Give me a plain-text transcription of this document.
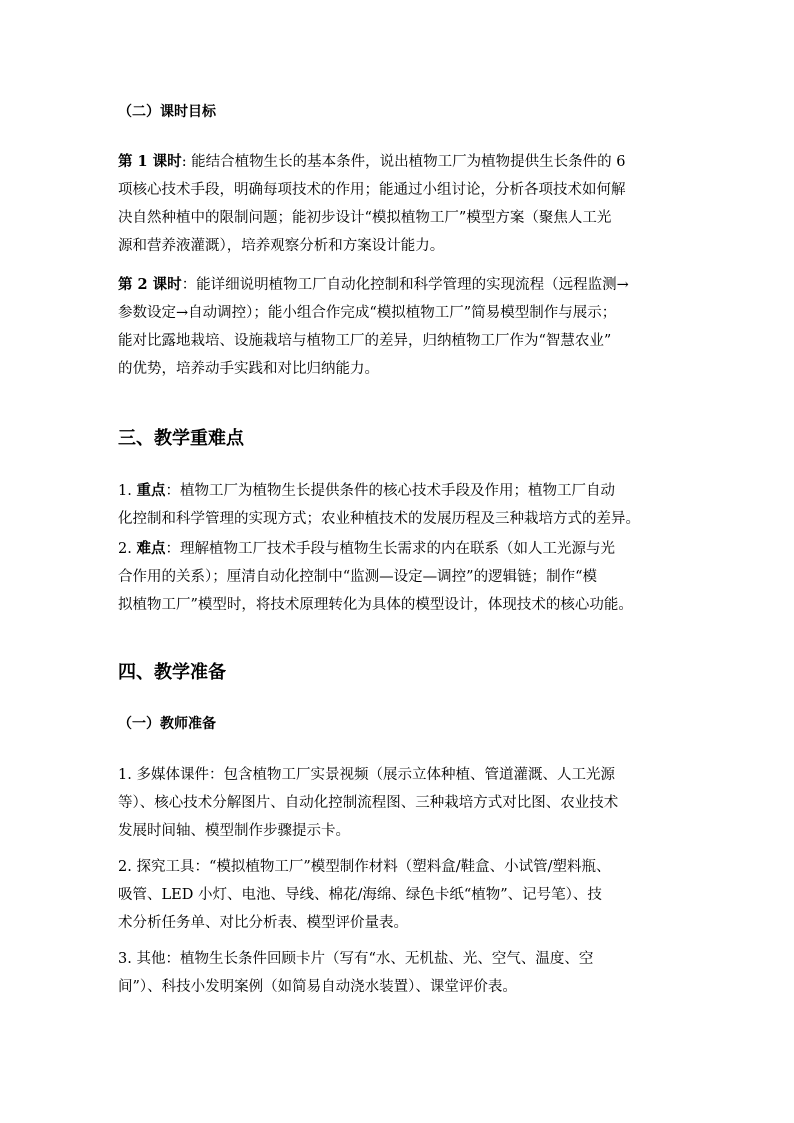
（二）课时目标
第 1 课时: 能结合植物生长的基本条件，说出植物工厂为植物提供生长条件的 6
项核心技术手段，明确每项技术的作用；能通过小组讨论，分析各项技术如何解
决自然种植中的限制问题；能初步设计“模拟植物工厂”模型方案（聚焦人工光
源和营养液灌溉），培养观察分析和方案设计能力。
第 2 课时：能详细说明植物工厂自动化控制和科学管理的实现流程（远程监测→
参数设定→自动调控）；能小组合作完成“模拟植物工厂”简易模型制作与展示；
能对比露地栽培、设施栽培与植物工厂的差异，归纳植物工厂作为“智慧农业”
的优势，培养动手实践和对比归纳能力。
三、教学重难点
1. 重点：植物工厂为植物生长提供条件的核心技术手段及作用；植物工厂自动
化控制和科学管理的实现方式；农业种植技术的发展历程及三种栽培方式的差异。
2. 难点：理解植物工厂技术手段与植物生长需求的内在联系（如人工光源与光
合作用的关系）；厘清自动化控制中“监测—设定—调控”的逻辑链；制作“模
拟植物工厂”模型时，将技术原理转化为具体的模型设计，体现技术的核心功能。
四、教学准备
（一）教师准备
1. 多媒体课件：包含植物工厂实景视频（展示立体种植、管道灌溉、人工光源
等）、核心技术分解图片、自动化控制流程图、三种栽培方式对比图、农业技术
发展时间轴、模型制作步骤提示卡。
2. 探究工具：“模拟植物工厂”模型制作材料（塑料盒/鞋盒、小试管/塑料瓶、
吸管、LED 小灯、电池、导线、棉花/海绵、绿色卡纸“植物”、记号笔）、技
术分析任务单、对比分析表、模型评价量表。
3. 其他：植物生长条件回顾卡片（写有“水、无机盐、光、空气、温度、空
间”）、科技小发明案例（如简易自动浇水装置）、课堂评价表。
